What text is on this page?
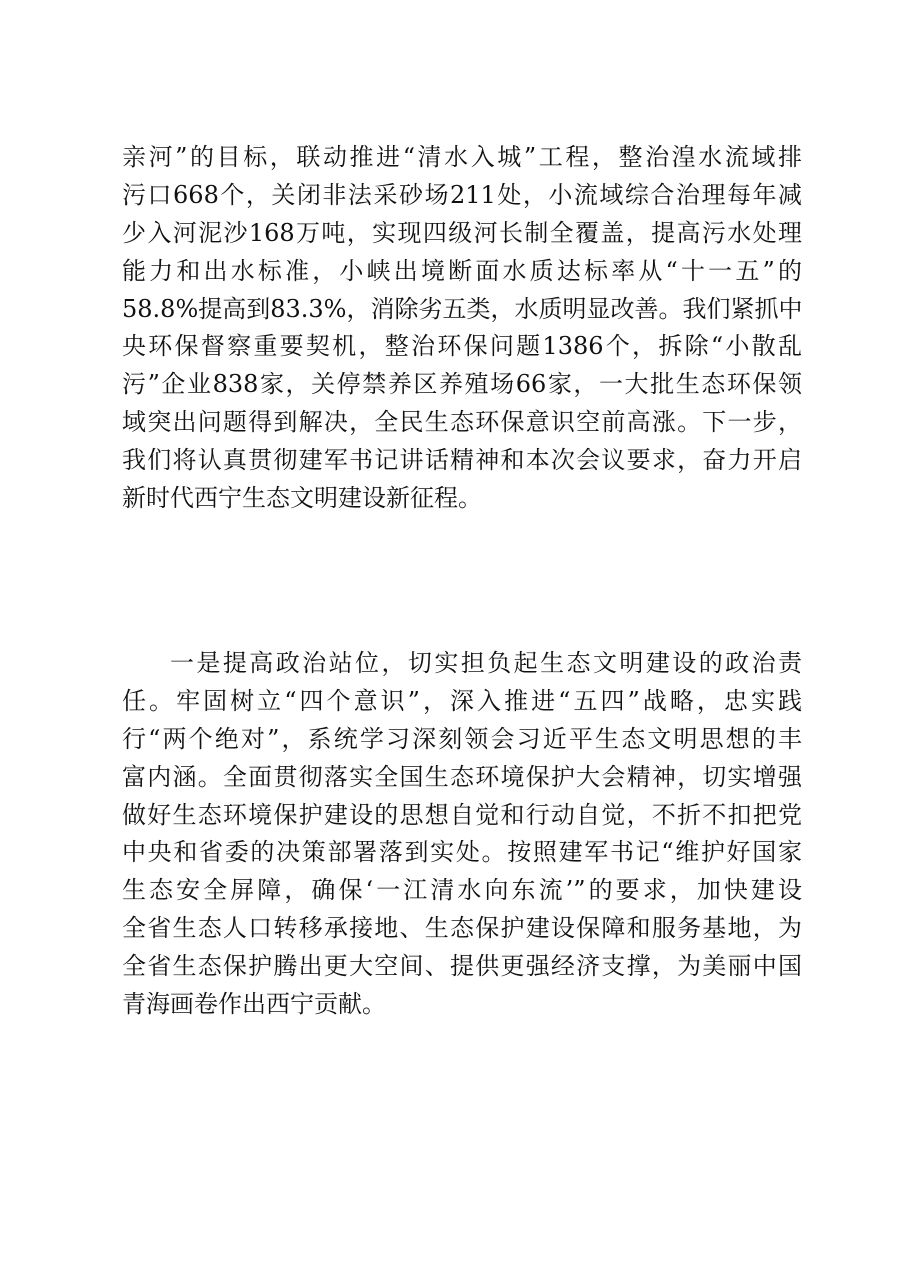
亲河”的目标，联动推进“清水入城”工程，整治湟水流域排
污口668个，关闭非法采砂场211处，小流域综合治理每年减
少入河泥沙168万吨，实现四级河长制全覆盖，提高污水处理
能力和出水标准，小峡出境断面水质达标率从“十一五”的
58.8%提高到83.3%，消除劣五类，水质明显改善。我们紧抓中
央环保督察重要契机，整治环保问题1386个，拆除“小散乱
污”企业838家，关停禁养区养殖场66家，一大批生态环保领
域突出问题得到解决，全民生态环保意识空前高涨。下一步，
我们将认真贯彻建军书记讲话精神和本次会议要求，奋力开启
新时代西宁生态文明建设新征程。
一是提高政治站位，切实担负起生态文明建设的政治责
任。牢固树立“四个意识”，深入推进“五四”战略，忠实践
行“两个绝对”，系统学习深刻领会习近平生态文明思想的丰
富内涵。全面贯彻落实全国生态环境保护大会精神，切实增强
做好生态环境保护建设的思想自觉和行动自觉，不折不扣把党
中央和省委的决策部署落到实处。按照建军书记“维护好国家
生态安全屏障，确保‘一江清水向东流’”的要求，加快建设
全省生态人口转移承接地、生态保护建设保障和服务基地，为
全省生态保护腾出更大空间、提供更强经济支撑，为美丽中国
青海画卷作出西宁贡献。
